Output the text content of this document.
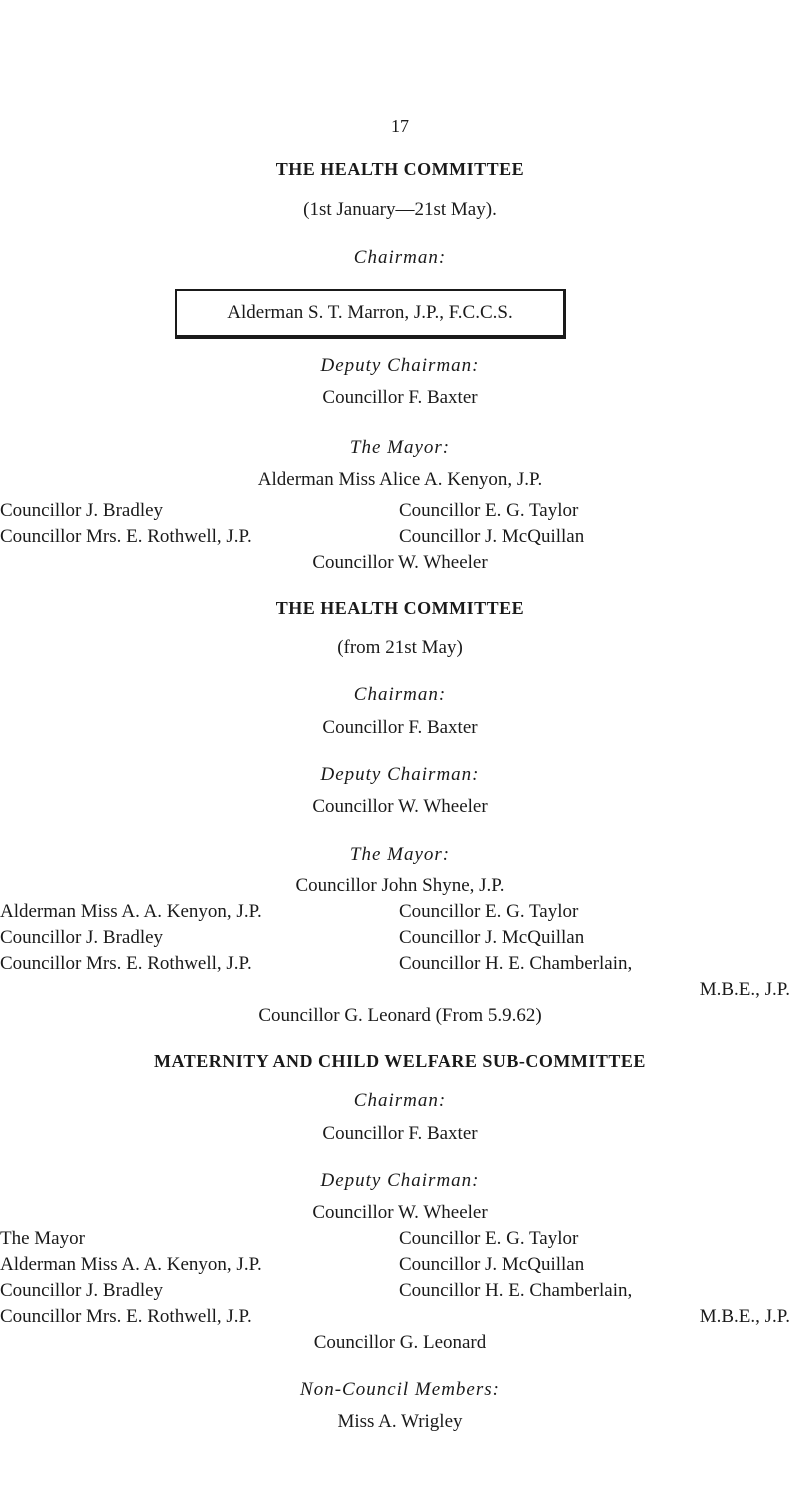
17
THE HEALTH COMMITTEE
(1st January—21st May).
Chairman:
Alderman S. T. Marron, J.P., F.C.C.S.
Deputy Chairman:
Councillor F. Baxter
The Mayor:
Alderman Miss Alice A. Kenyon, J.P.
Councillor J. Bradley	Councillor E. G. Taylor
Councillor Mrs. E. Rothwell, J.P.	Councillor J. McQuillan
Councillor W. Wheeler
THE HEALTH COMMITTEE
(from 21st May)
Chairman:
Councillor F. Baxter
Deputy Chairman:
Councillor W. Wheeler
The Mayor:
Councillor John Shyne, J.P.
Alderman Miss A. A. Kenyon, J.P.	Councillor E. G. Taylor
Councillor J. Bradley	Councillor J. McQuillan
Councillor Mrs. E. Rothwell, J.P.	Councillor H. E. Chamberlain,
M.B.E., J.P.
Councillor G. Leonard (From 5.9.62)
MATERNITY AND CHILD WELFARE SUB-COMMITTEE
Chairman:
Councillor F. Baxter
Deputy Chairman:
Councillor W. Wheeler
The Mayor	Councillor E. G. Taylor
Alderman Miss A. A. Kenyon, J.P.	Councillor J. McQuillan
Councillor J. Bradley	Councillor H. E. Chamberlain,
Councillor Mrs. E. Rothwell, J.P.	M.B.E., J.P.
Councillor G. Leonard
Non-Council Members:
Miss A. Wrigley
